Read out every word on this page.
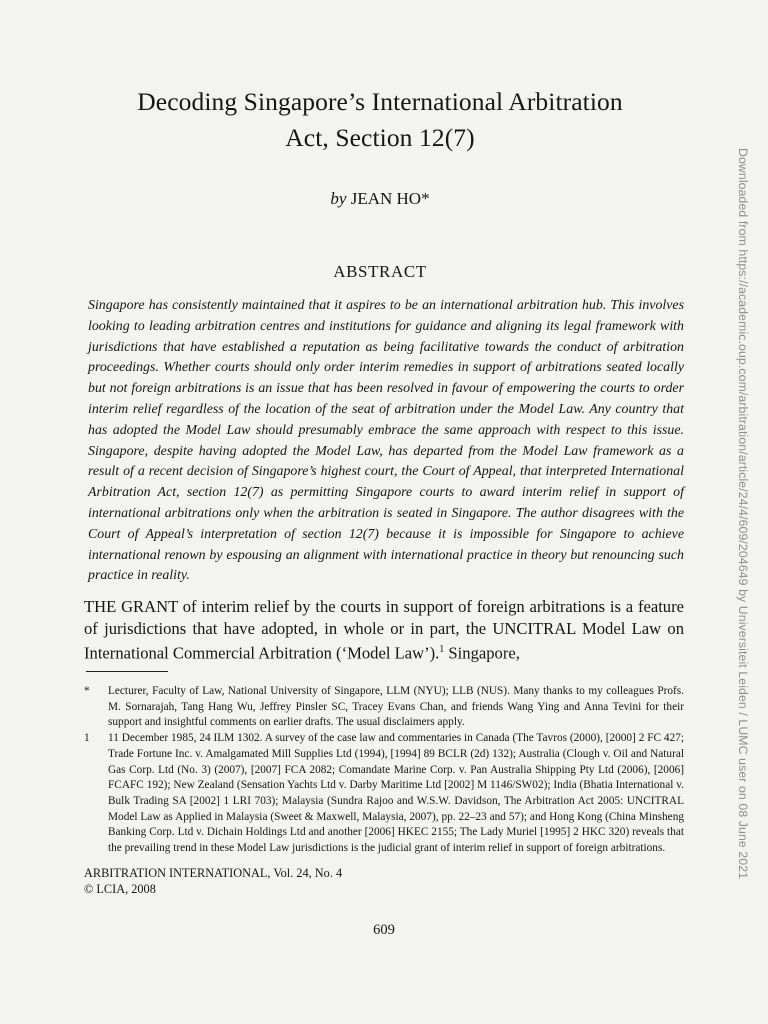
Decoding Singapore’s International Arbitration
Act, Section 12(7)
by JEAN HO*
ABSTRACT
Singapore has consistently maintained that it aspires to be an international arbitration hub. This involves looking to leading arbitration centres and institutions for guidance and aligning its legal framework with jurisdictions that have established a reputation as being facilitative towards the conduct of arbitration proceedings. Whether courts should only order interim remedies in support of arbitrations seated locally but not foreign arbitrations is an issue that has been resolved in favour of empowering the courts to order interim relief regardless of the location of the seat of arbitration under the Model Law. Any country that has adopted the Model Law should presumably embrace the same approach with respect to this issue. Singapore, despite having adopted the Model Law, has departed from the Model Law framework as a result of a recent decision of Singapore’s highest court, the Court of Appeal, that interpreted International Arbitration Act, section 12(7) as permitting Singapore courts to award interim relief in support of international arbitrations only when the arbitration is seated in Singapore. The author disagrees with the Court of Appeal’s interpretation of section 12(7) because it is impossible for Singapore to achieve international renown by espousing an alignment with international practice in theory but renouncing such practice in reality.
THE GRANT of interim relief by the courts in support of foreign arbitrations is a feature of jurisdictions that have adopted, in whole or in part, the UNCITRAL Model Law on International Commercial Arbitration (‘Model Law’).$^1$ Singapore,
*	Lecturer, Faculty of Law, National University of Singapore, LLM (NYU); LLB (NUS). Many thanks to my colleagues Profs. M. Sornarajah, Tang Hang Wu, Jeffrey Pinsler SC, Tracey Evans Chan, and friends Wang Ying and Anna Tevini for their support and insightful comments on earlier drafts. The usual disclaimers apply.
1	11 December 1985, 24 ILM 1302. A survey of the case law and commentaries in Canada (The Tavros (2000), [2000] 2 FC 427; Trade Fortune Inc. v. Amalgamated Mill Supplies Ltd (1994), [1994] 89 BCLR (2d) 132); Australia (Clough v. Oil and Natural Gas Corp. Ltd (No. 3) (2007), [2007] FCA 2082; Comandate Marine Corp. v. Pan Australia Shipping Pty Ltd (2006), [2006] FCAFC 192); New Zealand (Sensation Yachts Ltd v. Darby Maritime Ltd [2002] M 1146/SW02); India (Bhatia International v. Bulk Trading SA [2002] 1 LRI 703); Malaysia (Sundra Rajoo and W.S.W. Davidson, The Arbitration Act 2005: UNCITRAL Model Law as Applied in Malaysia (Sweet & Maxwell, Malaysia, 2007), pp. 22–23 and 57); and Hong Kong (China Minsheng Banking Corp. Ltd v. Dichain Holdings Ltd and another [2006] HKEC 2155; The Lady Muriel [1995] 2 HKC 320) reveals that the prevailing trend in these Model Law jurisdictions is the judicial grant of interim relief in support of foreign arbitrations.
ARBITRATION INTERNATIONAL, Vol. 24, No. 4
© LCIA, 2008
609
Downloaded from https://academic.oup.com/arbitration/article/24/4/609/204649 by Universiteit Leiden / LUMC user on 08 June 2021
